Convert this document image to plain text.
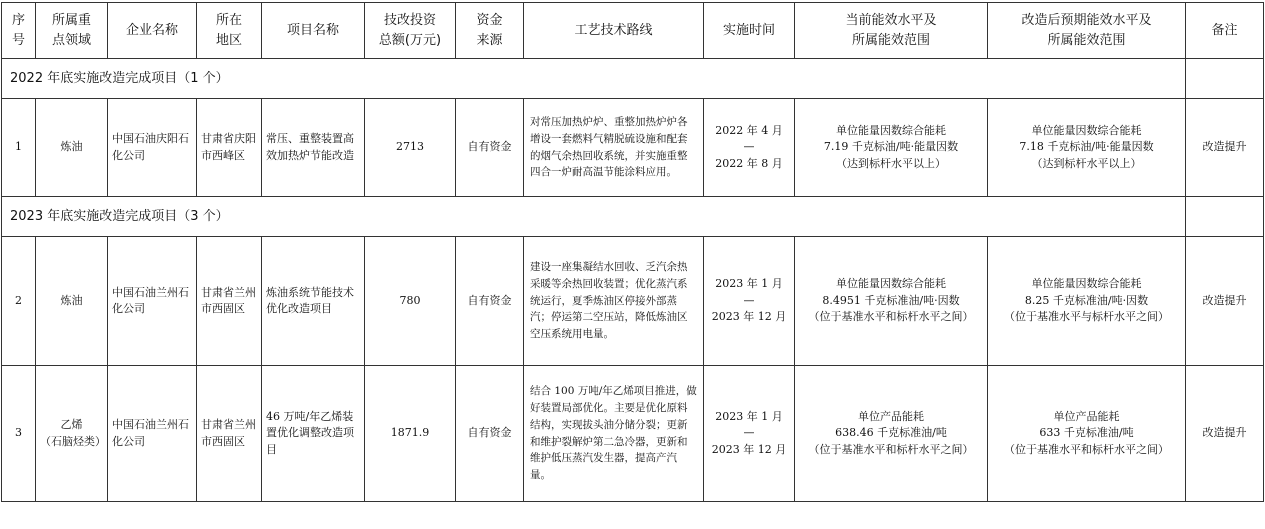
序
号	所属重
点领域	企业名称	所在
地区	项目名称	技改投资
总额(万元)	资金
来源	工艺技术路线	实施时间	当前能效水平及
所属能效范围	改造后预期能效水平及
所属能效范围	备注
2022 年底实施改造完成项目（1 个）											
1	炼油	中国石油庆阳石化公司	甘肃省庆阳市西峰区	常压、重整装置高效加热炉节能改造	2713	自有资金	对常压加热炉炉、重整加热炉炉各增设一套燃料气精脱硫设施和配套的烟气余热回收系统，并实施重整四合一炉耐高温节能涂料应用。	2022 年 4 月
—
2022 年 8 月	单位能量因数综合能耗
7.19 千克标油/吨·能量因数
（达到标杆水平以上）	单位能量因数综合能耗
7.18 千克标油/吨·能量因数
（达到标杆水平以上）	改造提升
2023 年底实施改造完成项目（3 个）											
2	炼油	中国石油兰州石化公司	甘肃省兰州市西固区	炼油系统节能技术优化改造项目	780	自有资金	建设一座集凝结水回收、乏汽余热采暖等余热回收装置；优化蒸汽系统运行，夏季炼油区停接外部蒸汽；停运第二空压站，降低炼油区空压系统用电量。	2023 年 1 月
—
2023 年 12 月	单位能量因数综合能耗
8.4951 千克标准油/吨·因数
（位于基准水平和标杆水平之间）	单位能量因数综合能耗
8.25 千克标准油/吨·因数
（位于基准水平与标杆水平之间）	改造提升
3	乙烯
（石脑烃类）	中国石油兰州石化公司	甘肃省兰州市西固区	46 万吨/年乙烯装置优化调整改造项目	1871.9	自有资金	结合 100 万吨/年乙烯项目推进，做好装置局部优化。主要是优化原料结构，实现拔头油分储分裂；更新和维护裂解炉第二急冷器，更新和维护低压蒸汽发生器，提高产汽量。	2023 年 1 月
—
2023 年 12 月	单位产品能耗
638.46 千克标准油/吨
（位于基准水平和标杆水平之间）	单位产品能耗
633 千克标准油/吨
（位于基准水平和标杆水平之间）	改造提升
